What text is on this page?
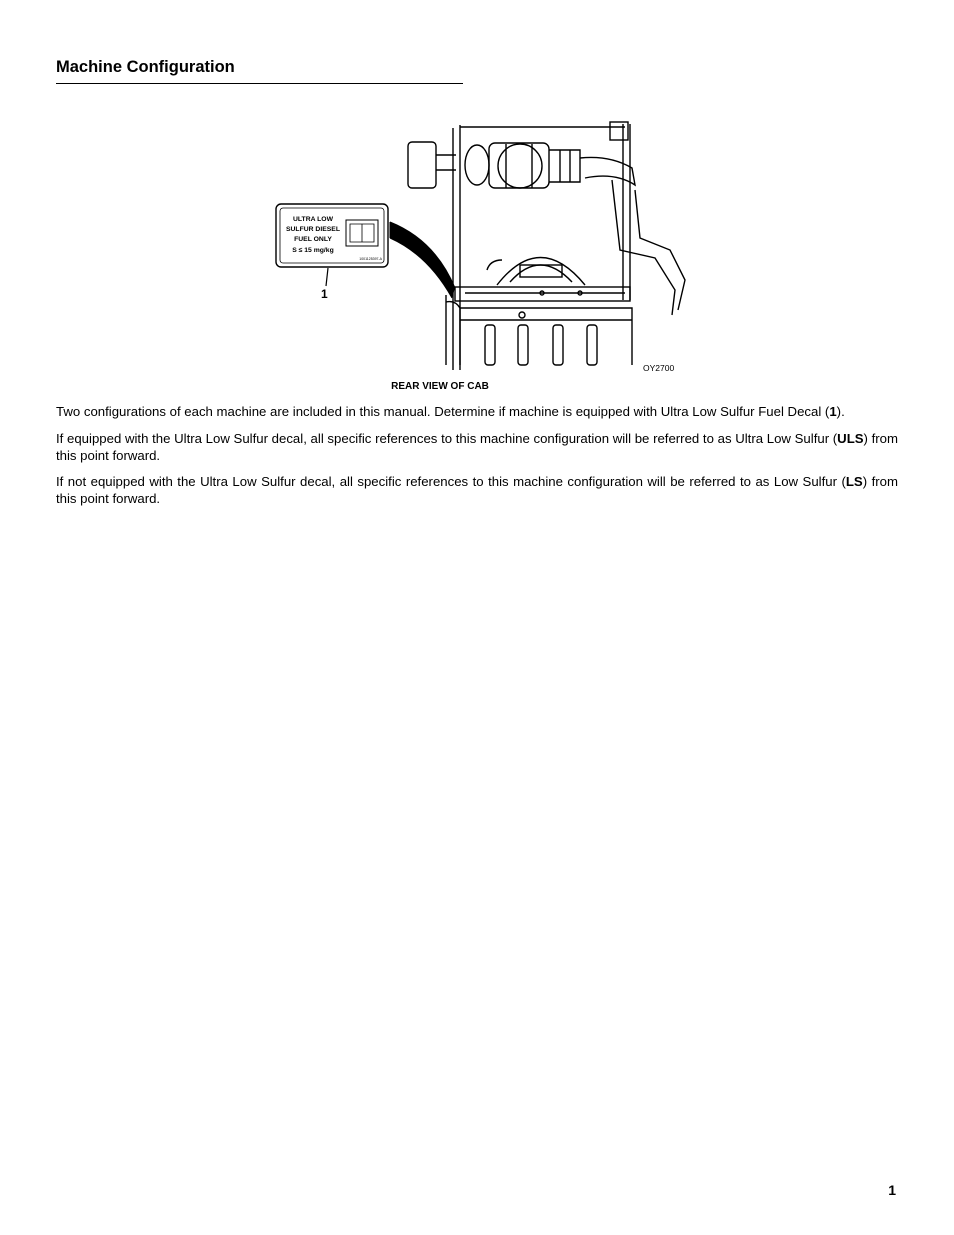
Machine Configuration
ULTRA LOW
SULFUR DIESEL
FUEL ONLY
S ≤ 15 mg/kg
1001125397-A
1
OY2700
REAR VIEW OF CAB

Two configurations of each machine are included in this manual. Determine if machine is equipped with Ultra Low Sulfur Fuel Decal (1).

If equipped with the Ultra Low Sulfur decal, all specific references to this machine configuration will be referred to as Ultra Low Sulfur (ULS) from this point forward.

If not equipped with the Ultra Low Sulfur decal, all specific references to this machine configuration will be referred to as Low Sulfur (LS) from this point forward.

1
